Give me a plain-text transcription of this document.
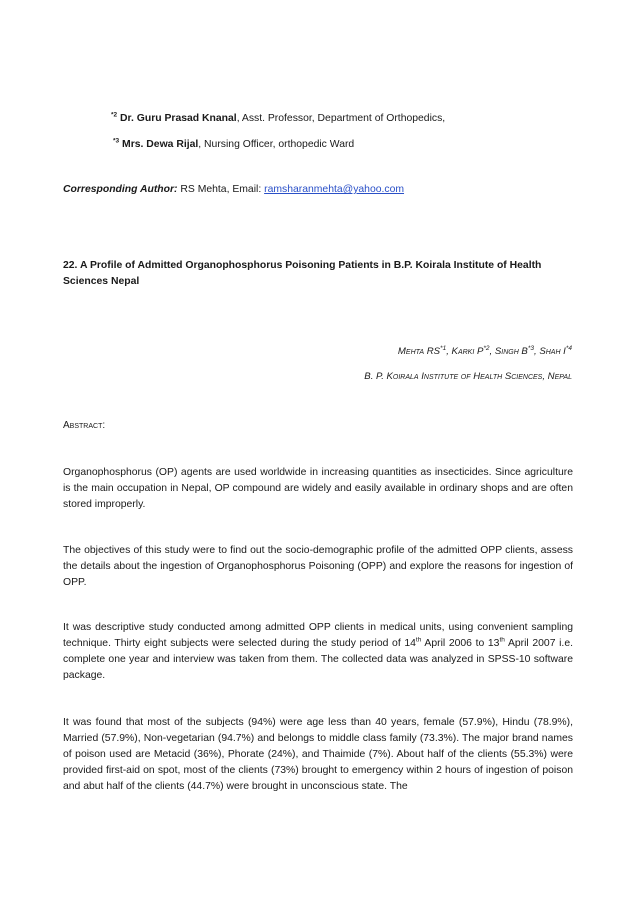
$^{*2}$ Dr. Guru Prasad Knanal, Asst. Professor, Department of Orthopedics,
$^{*3}$ Mrs. Dewa Rijal, Nursing Officer, orthopedic Ward
Corresponding Author: RS Mehta, Email: ramsharanmehta@yahoo.com
22. A Profile of Admitted Organophosphorus Poisoning Patients in B.P. Koirala Institute of Health Sciences Nepal
Mehta RS$^{*1}$, Karki $P^{*2}$, Singh $B^{*3}$, Shah $I^{*4}$
B. P. Koirala Institute of Health Sciences, Nepal
Abstract:
Organophosphorus (OP) agents are used worldwide in increasing quantities as insecticides. Since agriculture is the main occupation in Nepal, OP compound are widely and easily available in ordinary shops and are often stored improperly.
The objectives of this study were to find out the socio-demographic profile of the admitted OPP clients, assess the details about the ingestion of Organophosphorus Poisoning (OPP) and explore the reasons for ingestion of OPP.
It was descriptive study conducted among admitted OPP clients in medical units, using convenient sampling technique. Thirty eight subjects were selected during the study period of 14th April 2006 to 13th April 2007 i.e. complete one year and interview was taken from them. The collected data was analyzed in SPSS-10 software package.
It was found that most of the subjects (94%) were age less than 40 years, female (57.9%), Hindu (78.9%), Married (57.9%), Non-vegetarian (94.7%) and belongs to middle class family (73.3%). The major brand names of poison used are Metacid (36%), Phorate (24%), and Thaimide (7%). About half of the clients (55.3%) were provided first-aid on spot, most of the clients (73%) brought to emergency within 2 hours of ingestion of poison and abut half of the clients (44.7%) were brought in unconscious state. The
